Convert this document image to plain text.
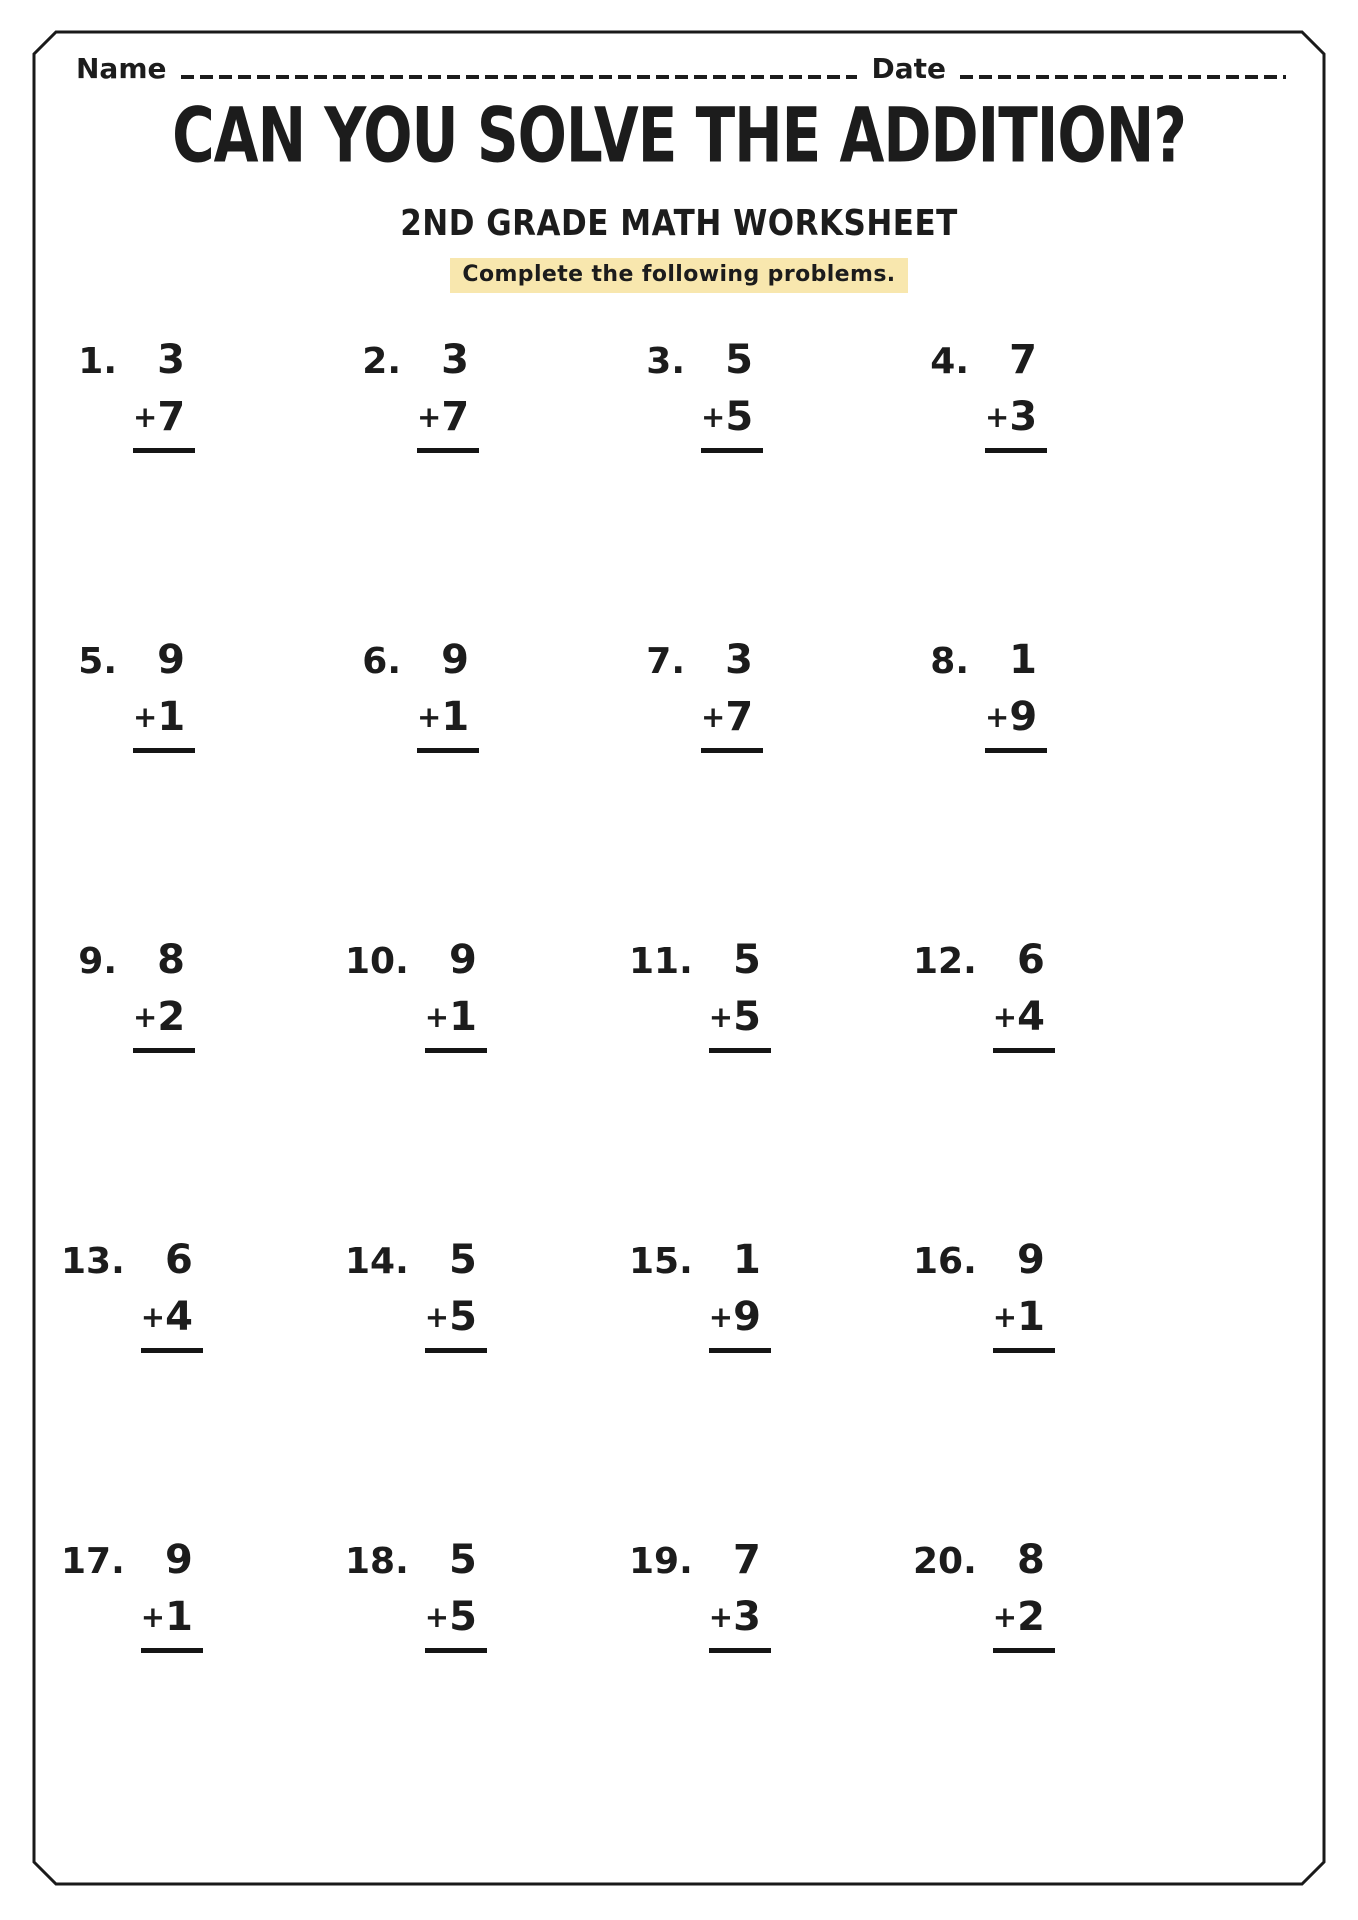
Name	Date
CAN YOU SOLVE THE ADDITION?
2ND GRADE MATH WORKSHEET
Complete the following problems.
1.	3
+ 7
2.	3
+ 7
3.	5
+ 5
4.	7
+ 3
5.	9
+ 1
6.	9
+ 1
7.	3
+ 7
8.	1
+ 9
9.	8
+ 2
10.	9
+ 1
11.	5
+ 5
12.	6
+ 4
13.	6
+ 4
14.	5
+ 5
15.	1
+ 9
16.	9
+ 1
17.	9
+ 1
18.	5
+ 5
19.	7
+ 3
20.	8
+ 2
